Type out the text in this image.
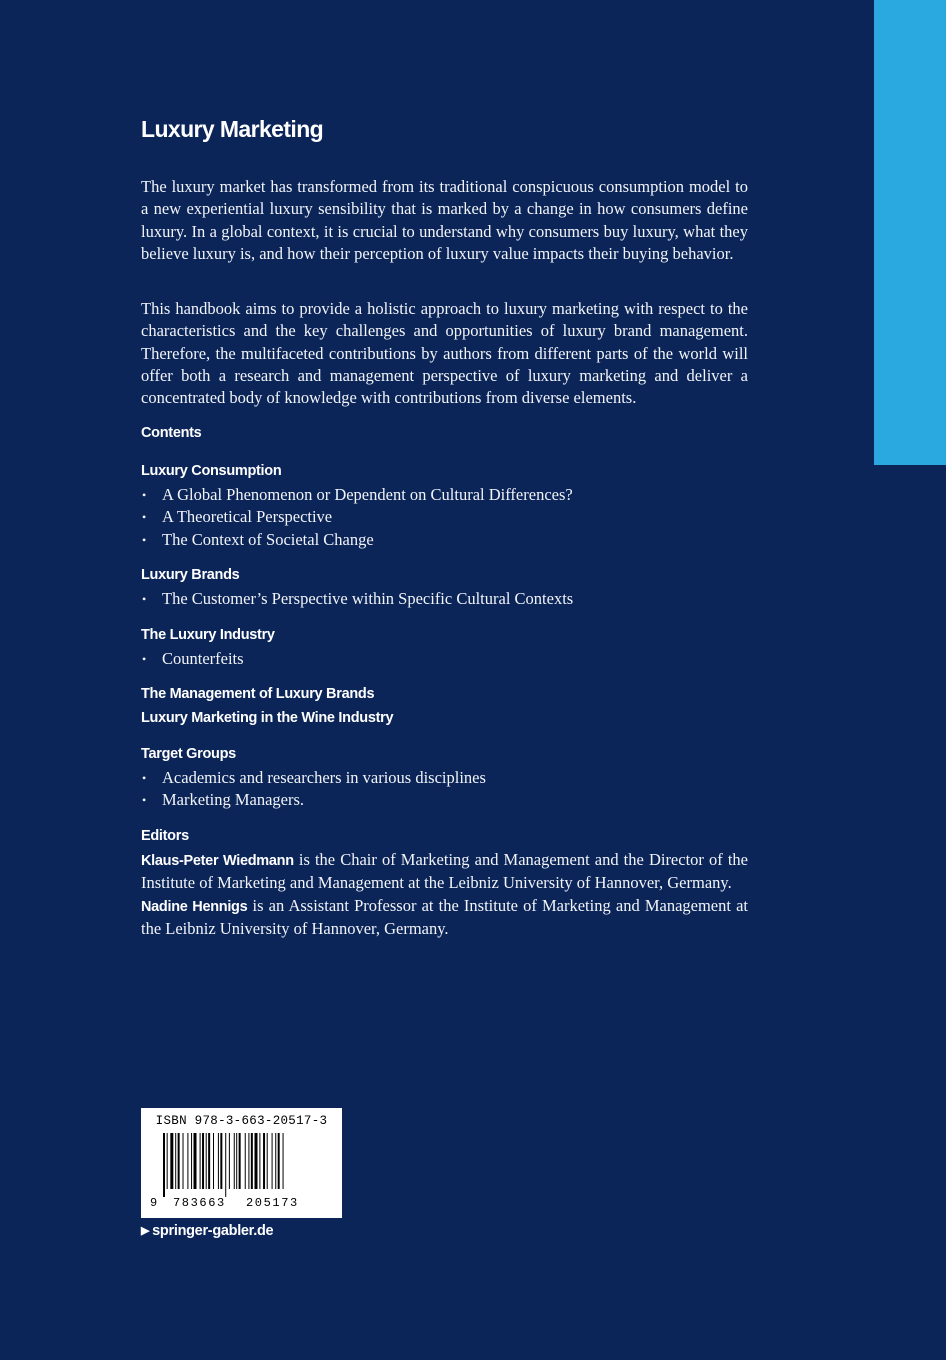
Luxury Marketing

The luxury market has transformed from its traditional conspicuous consumption model to a new experiential luxury sensibility that is marked by a change in how consumers define luxury. In a global context, it is crucial to understand why consumers buy luxury, what they believe luxury is, and how their perception of luxury value impacts their buying behavior.

This handbook aims to provide a holistic approach to luxury marketing with respect to the characteristics and the key challenges and opportunities of luxury brand management. Therefore, the multifaceted contributions by authors from different parts of the world will offer both a research and management perspective of luxury marketing and deliver a concentrated body of knowledge with contributions from diverse elements.

Contents
Luxury Consumption
• A Global Phenomenon or Dependent on Cultural Differences?
• A Theoretical Perspective
• The Context of Societal Change
Luxury Brands
• The Customer’s Perspective within Specific Cultural Contexts
The Luxury Industry
• Counterfeits
The Management of Luxury Brands
Luxury Marketing in the Wine Industry
Target Groups
• Academics and researchers in various disciplines
• Marketing Managers.
Editors
Klaus-Peter Wiedmann is the Chair of Marketing and Management and the Director of the Institute of Marketing and Management at the Leibniz University of Hannover, Germany.
Nadine Hennigs is an Assistant Professor at the Institute of Marketing and Management at the Leibniz University of Hannover, Germany.
ISBN 978-3-663-20517-3
9 783663 205173
▶ springer-gabler.de
